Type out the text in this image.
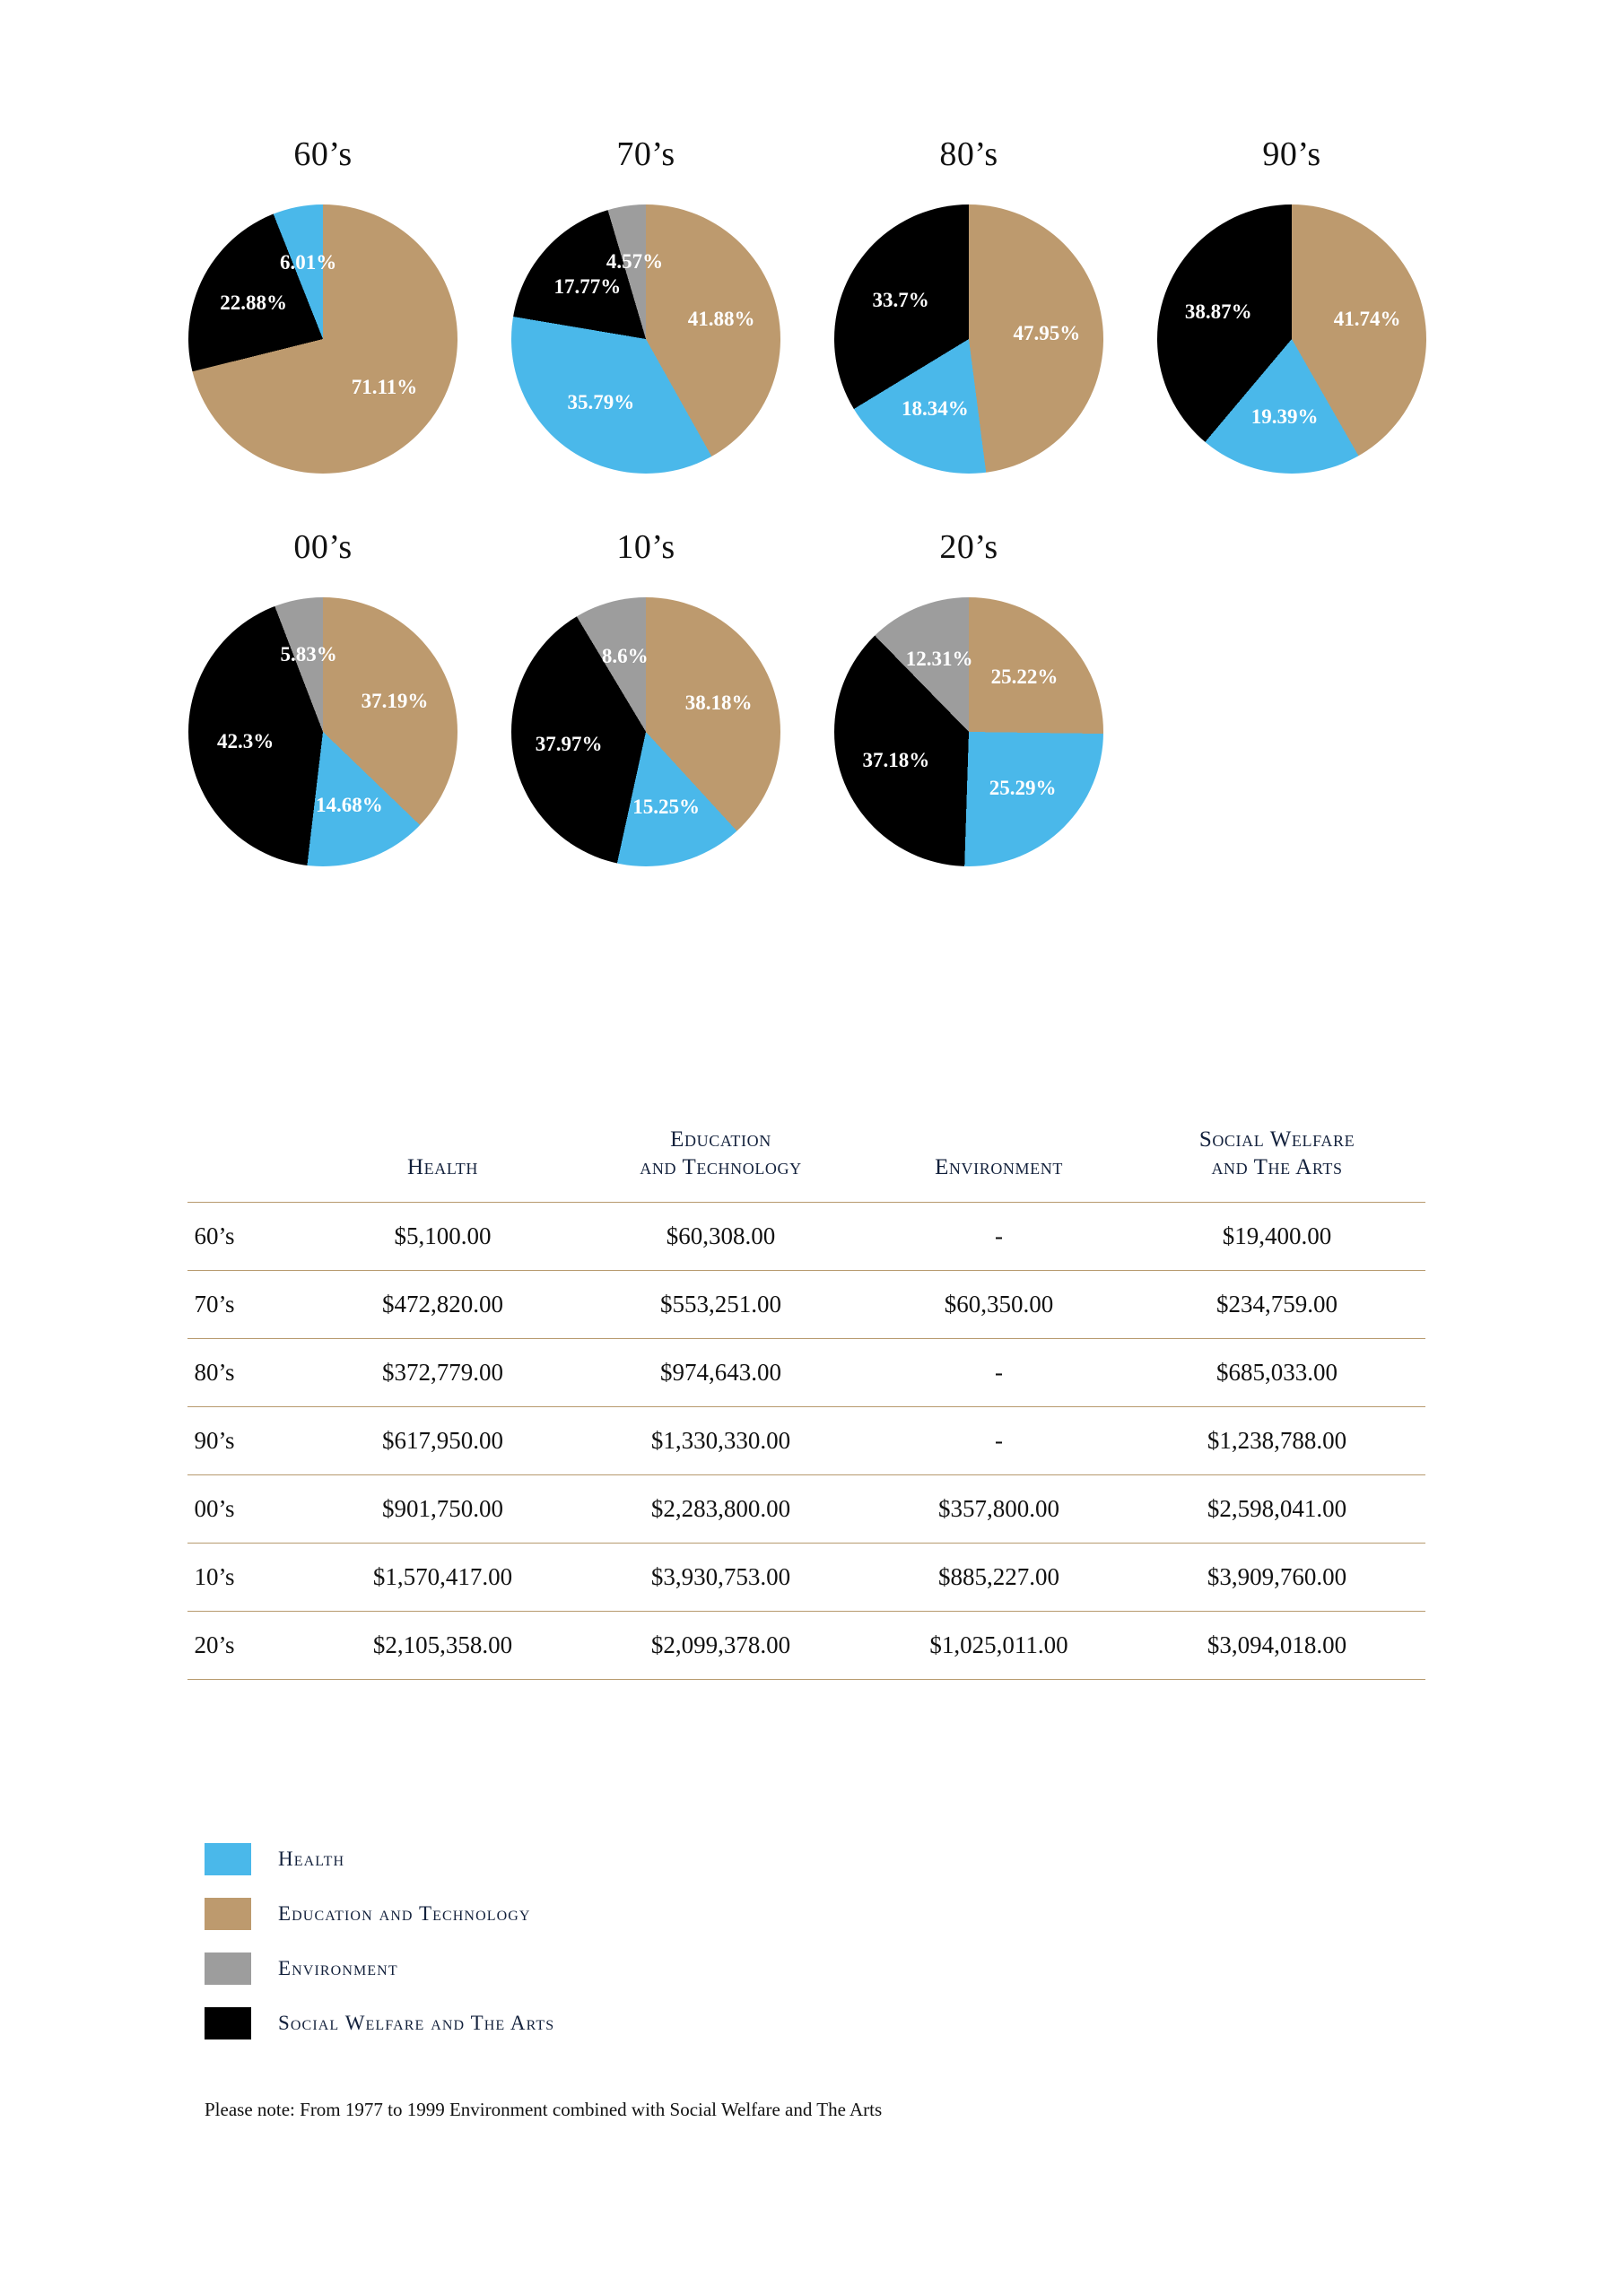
60’s
71.11%
22.88%
6.01%
70’s
41.88%
35.79%
17.77%
4.57%
80’s
47.95%
18.34%
33.7%
90’s
41.74%
19.39%
38.87%
00’s
37.19%
14.68%
42.3%
5.83%
10’s
38.18%
15.25%
37.97%
8.6%
20’s
25.22%
25.29%
37.18%
12.31%
	Health	Education
and Technology	Environment	Social Welfare
and The Arts
60’s	$5,100.00	$60,308.00	-	$19,400.00
70’s	$472,820.00	$553,251.00	$60,350.00	$234,759.00
80’s	$372,779.00	$974,643.00	-	$685,033.00
90’s	$617,950.00	$1,330,330.00	-	$1,238,788.00
00’s	$901,750.00	$2,283,800.00	$357,800.00	$2,598,041.00
10’s	$1,570,417.00	$3,930,753.00	$885,227.00	$3,909,760.00
20’s	$2,105,358.00	$2,099,378.00	$1,025,011.00	$3,094,018.00
Health
Education and Technology
Environment
Social Welfare and The Arts
Please note: From 1977 to 1999 Environment combined with Social Welfare and The Arts
